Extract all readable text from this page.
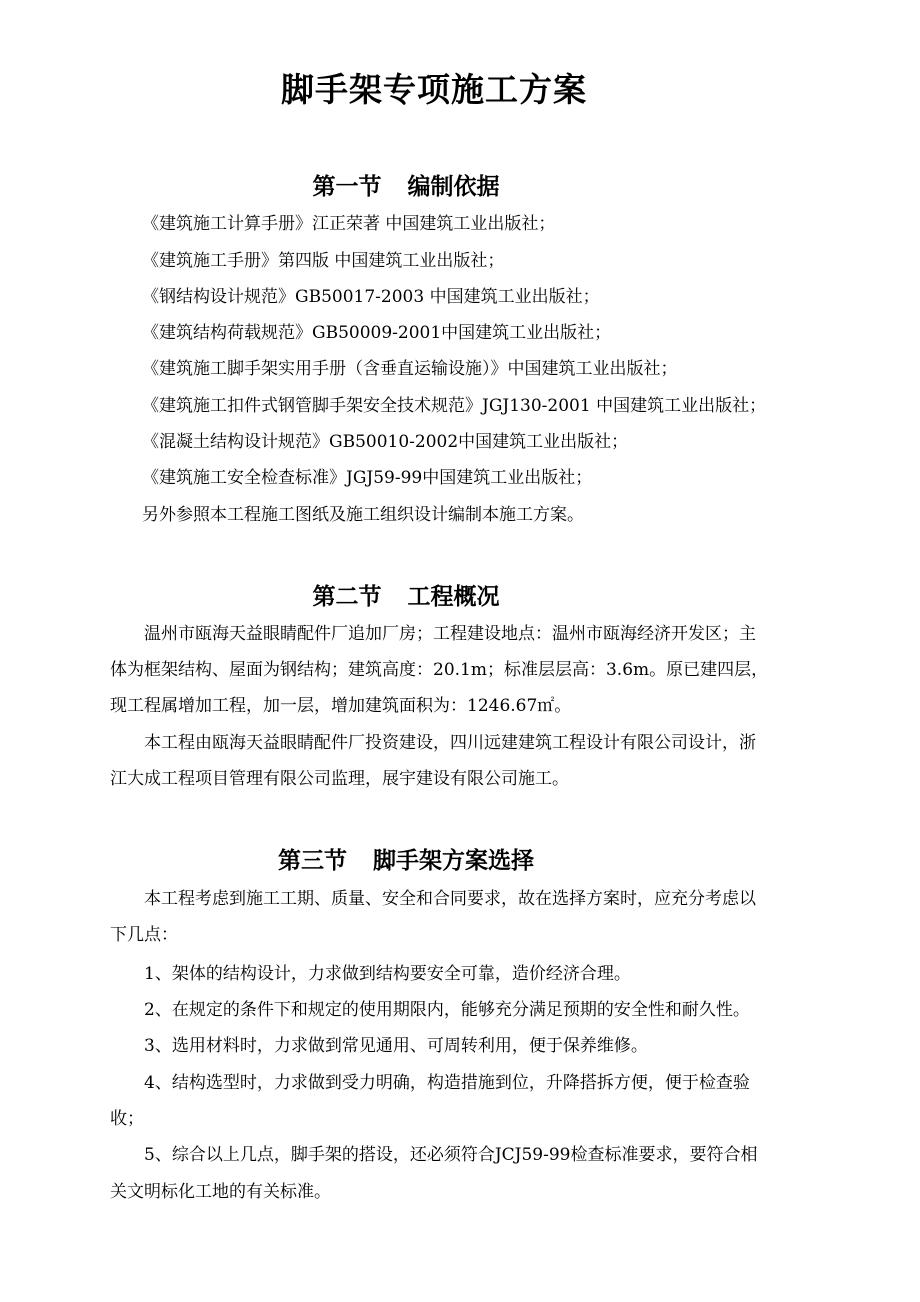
脚手架专项施工方案
第一节 编制依据
《建筑施工计算手册》江正荣著 中国建筑工业出版社；
《建筑施工手册》第四版 中国建筑工业出版社；
《钢结构设计规范》GB50017-2003 中国建筑工业出版社；
《建筑结构荷载规范》GB50009-2001中国建筑工业出版社；
《建筑施工脚手架实用手册（含垂直运输设施）》中国建筑工业出版社；
《建筑施工扣件式钢管脚手架安全技术规范》JGJ130-2001 中国建筑工业出版社；
《混凝土结构设计规范》GB50010-2002中国建筑工业出版社；
《建筑施工安全检查标准》JGJ59-99中国建筑工业出版社；
另外参照本工程施工图纸及施工组织设计编制本施工方案。
第二节 工程概况
温州市瓯海天益眼睛配件厂追加厂房；工程建设地点：温州市瓯海经济开发区；主
体为框架结构、屋面为钢结构；建筑高度：20.1m；标准层层高：3.6m。原已建四层，
现工程属增加工程，加一层，增加建筑面积为：1246.67㎡。
本工程由瓯海天益眼睛配件厂投资建设，四川远建建筑工程设计有限公司设计，浙
江大成工程项目管理有限公司监理，展宇建设有限公司施工。
第三节 脚手架方案选择
本工程考虑到施工工期、质量、安全和合同要求，故在选择方案时，应充分考虑以
下几点：
1、架体的结构设计，力求做到结构要安全可靠，造价经济合理。
2、在规定的条件下和规定的使用期限内，能够充分满足预期的安全性和耐久性。
3、选用材料时，力求做到常见通用、可周转利用，便于保养维修。
4、结构选型时，力求做到受力明确，构造措施到位，升降搭拆方便，便于检查验
收；
5、综合以上几点，脚手架的搭设，还必须符合JCJ59-99检查标准要求，要符合相
关文明标化工地的有关标准。
